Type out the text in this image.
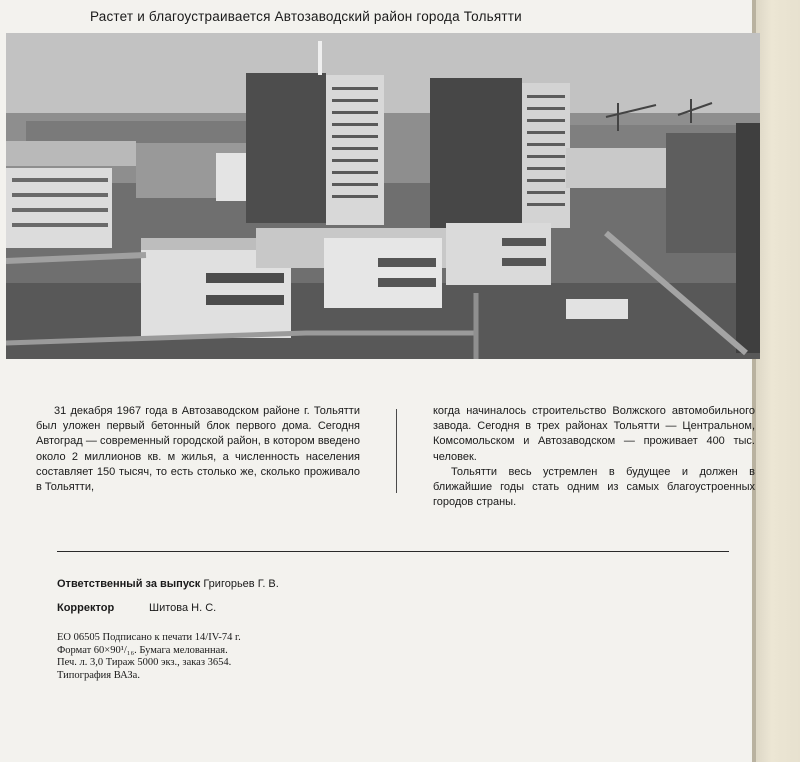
Растет и благоустраивается Автозаводский район города Тольятти

31 декабря 1967 года в Автозаводском районе г. Тольятти был уложен первый бетонный блок первого дома. Сегодня Автоград — современный городской район, в котором введено около 2 миллионов кв. м жилья, а численность населения составляет 150 тысяч, то есть столько же, сколько проживало в Тольятти,

когда начиналось строительство Волжского автомобильного завода. Сегодня в трех районах Тольятти — Центральном, Комсомольском и Автозаводском — проживает 400 тыс. человек.

Тольятти весь устремлен в будущее и должен в ближайшие годы стать одним из самых благоустроенных городов страны.

Ответственный за выпуск Григорьев Г. В.
Корректор	Шитова Н. С.
ЕО 06505 Подписано к печати 14/IV-74 г.
Формат 60×90¹/₁₆. Бумага мелованная.
Печ. л. 3,0 Тираж 5000 экз., заказ 3654.
Типография ВАЗа.
